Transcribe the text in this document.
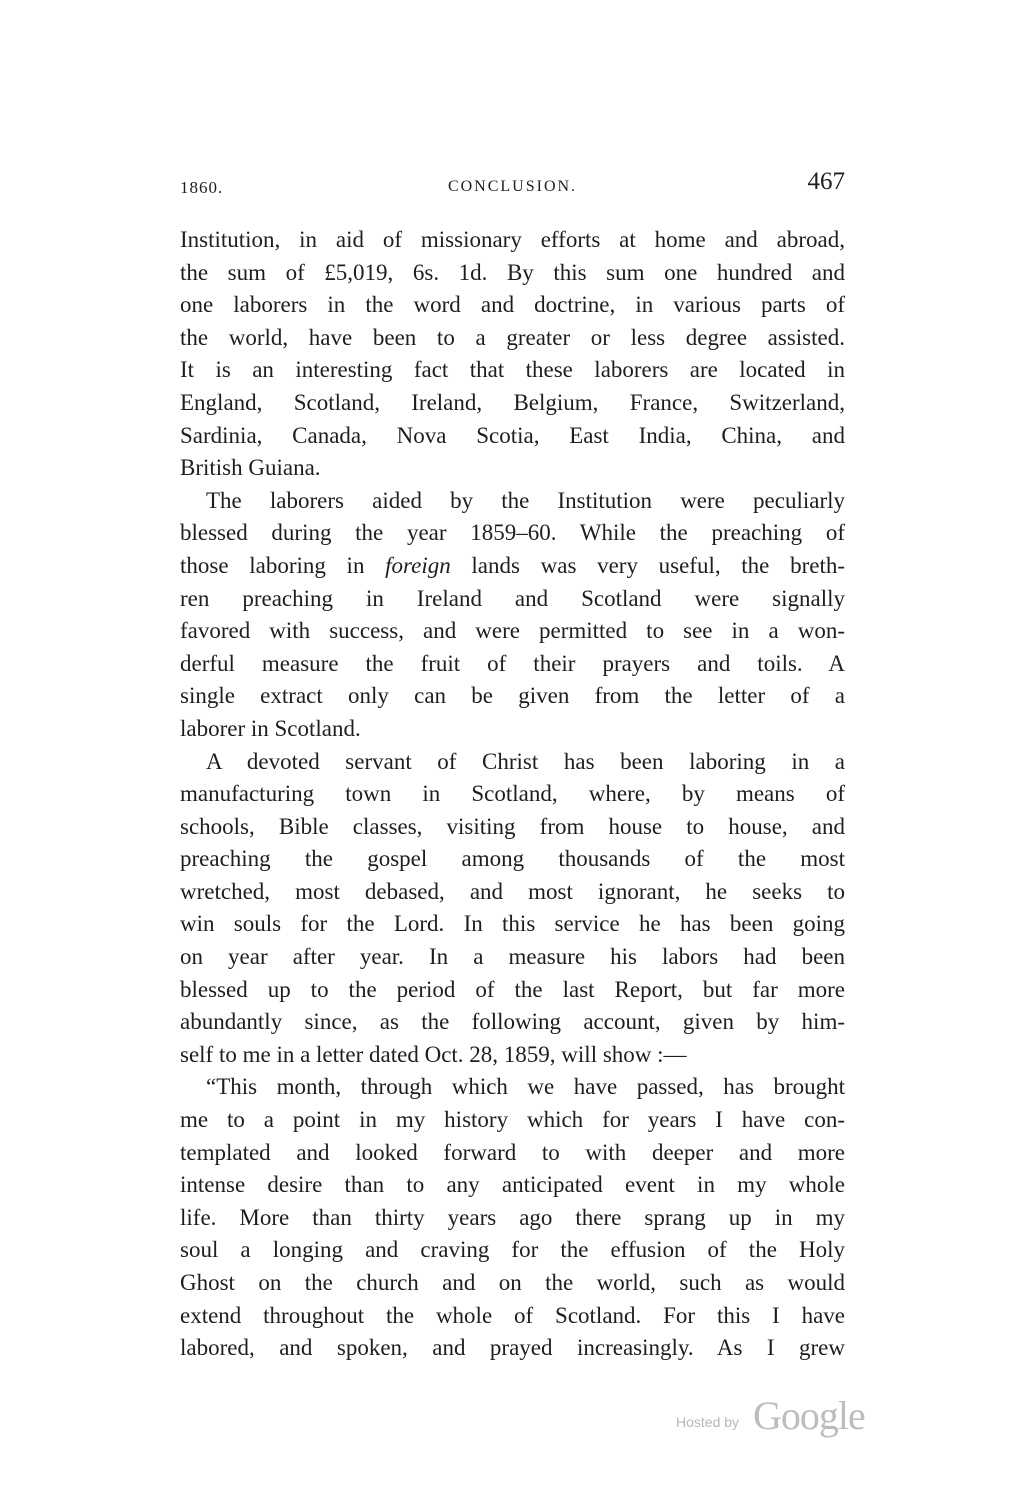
1860.	CONCLUSION.	467

Institution, in aid of missionary efforts at home and abroad,
the sum of £5,019, 6s. 1d. By this sum one hundred and
one laborers in the word and doctrine, in various parts of
the world, have been to a greater or less degree assisted.
It is an interesting fact that these laborers are located in
England, Scotland, Ireland, Belgium, France, Switzerland,
Sardinia, Canada, Nova Scotia, East India, China, and
British Guiana.

The laborers aided by the Institution were peculiarly
blessed during the year 1859–60. While the preaching of
those laboring in foreign lands was very useful, the breth-
ren preaching in Ireland and Scotland were signally
favored with success, and were permitted to see in a won-
derful measure the fruit of their prayers and toils. A
single extract only can be given from the letter of a
laborer in Scotland.

A devoted servant of Christ has been laboring in a
manufacturing town in Scotland, where, by means of
schools, Bible classes, visiting from house to house, and
preaching the gospel among thousands of the most
wretched, most debased, and most ignorant, he seeks to
win souls for the Lord. In this service he has been going
on year after year. In a measure his labors had been
blessed up to the period of the last Report, but far more
abundantly since, as the following account, given by him-
self to me in a letter dated Oct. 28, 1859, will show :—

“This month, through which we have passed, has brought
me to a point in my history which for years I have con-
templated and looked forward to with deeper and more
intense desire than to any anticipated event in my whole
life. More than thirty years ago there sprang up in my
soul a longing and craving for the effusion of the Holy
Ghost on the church and on the world, such as would
extend throughout the whole of Scotland. For this I have
labored, and spoken, and prayed increasingly. As I grew

Hosted by Google
